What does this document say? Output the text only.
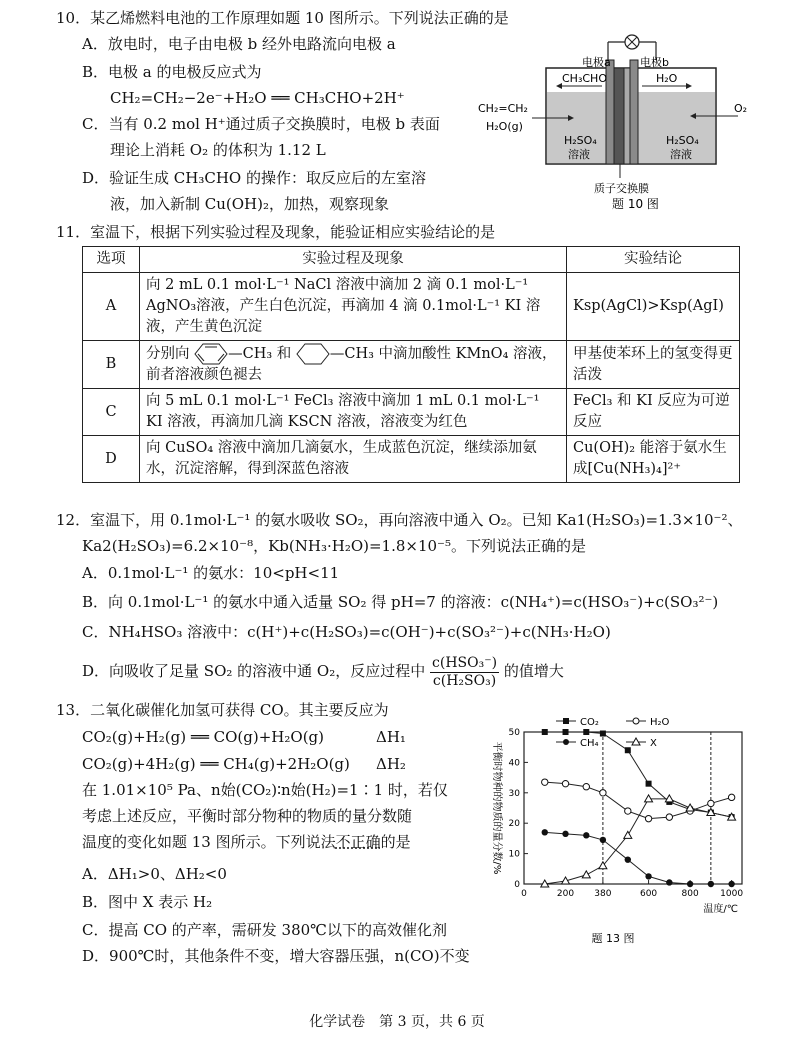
10．某乙烯燃料电池的工作原理如题 10 图所示。下列说法正确的是
A．放电时，电子由电极 b 经外电路流向电极 a
B．电极 a 的电极反应式为
CH₂=CH₂−2e⁻+H₂O ══ CH₃CHO+2H⁺
C．当有 0.2 mol H⁺通过质子交换膜时，电极 b 表面
理论上消耗 O₂ 的体积为 1.12 L
D．验证生成 CH₃CHO 的操作：取反应后的左室溶
液，加入新制 Cu(OH)₂，加热，观察现象
电极a	电极b
CH₃CHO	H₂O
CH₂=CH₂
H₂O(g)
O₂
H₂SO₄
溶液
H₂SO₄
溶液
质子交换膜
题 10 图
11．室温下，根据下列实验过程及现象，能验证相应实验结论的是
选项	实验过程及现象	实验结论
A	向 2 mL 0.1 mol·L⁻¹ NaCl 溶液中滴加 2 滴 0.1 mol·L⁻¹ AgNO₃溶液，产生白色沉淀，再滴加 4 滴 0.1mol·L⁻¹ KI 溶液，产生黄色沉淀	Ksp(AgCl)>Ksp(AgI)
B	分别向 —CH₃ 和 —CH₃ 中滴加酸性 KMnO₄ 溶液，前者溶液颜色褪去	甲基使苯环上的氢变得更活泼
C	向 5 mL 0.1 mol·L⁻¹ FeCl₃ 溶液中滴加 1 mL 0.1 mol·L⁻¹ KI 溶液，再滴加几滴 KSCN 溶液，溶液变为红色	FeCl₃ 和 KI 反应为可逆反应
D	向 CuSO₄ 溶液中滴加几滴氨水，生成蓝色沉淀，继续添加氨水，沉淀溶解，得到深蓝色溶液	Cu(OH)₂ 能溶于氨水生成[Cu(NH₃)₄]²⁺
12．室温下，用 0.1mol·L⁻¹ 的氨水吸收 SO₂，再向溶液中通入 O₂。已知 Ka1(H₂SO₃)=1.3×10⁻²、
Ka2(H₂SO₃)=6.2×10⁻⁸，Kb(NH₃·H₂O)=1.8×10⁻⁵。下列说法正确的是
A．0.1mol·L⁻¹ 的氨水：10<pH<11
B．向 0.1mol·L⁻¹ 的氨水中通入适量 SO₂ 得 pH=7 的溶液：c(NH₄⁺)=c(HSO₃⁻)+c(SO₃²⁻)
C．NH₄HSO₃ 溶液中：c(H⁺)+c(H₂SO₃)=c(OH⁻)+c(SO₃²⁻)+c(NH₃·H₂O)
D．向吸收了足量 SO₂ 的溶液中通 O₂，反应过程中 $\frac{\text{c(HSO₃⁻)}}{\text{c(H₂SO₃)}}$ 的值增大
13．二氧化碳催化加氢可获得 CO。其主要反应为
CO₂(g)+H₂(g) ══ CO(g)+H₂O(g)	ΔH₁
CO₂(g)+4H₂(g) ══ CH₄(g)+2H₂O(g) ΔH₂
在 1.01×10⁵ Pa、n始(CO₂)∶n始(H₂)=1∶1 时，若仅
考虑上述反应，平衡时部分物种的物质的量分数随
温度的变化如题 13 图所示。下列说法不正确的是
A．ΔH₁>0、ΔH₂<0
B．图中 X 表示 H₂
C．提高 CO 的产率，需研发 380℃以下的高效催化剂
D．900℃时，其他条件不变，增大容器压强，n(CO)不变
0	200 380	600	800 1000
0
10
20
30
40
50
CO₂	H₂O
CH₄	X
平衡时物种的物质的量分数/%
温度/℃
题 13 图
化学试卷　第 3 页，共 6 页
